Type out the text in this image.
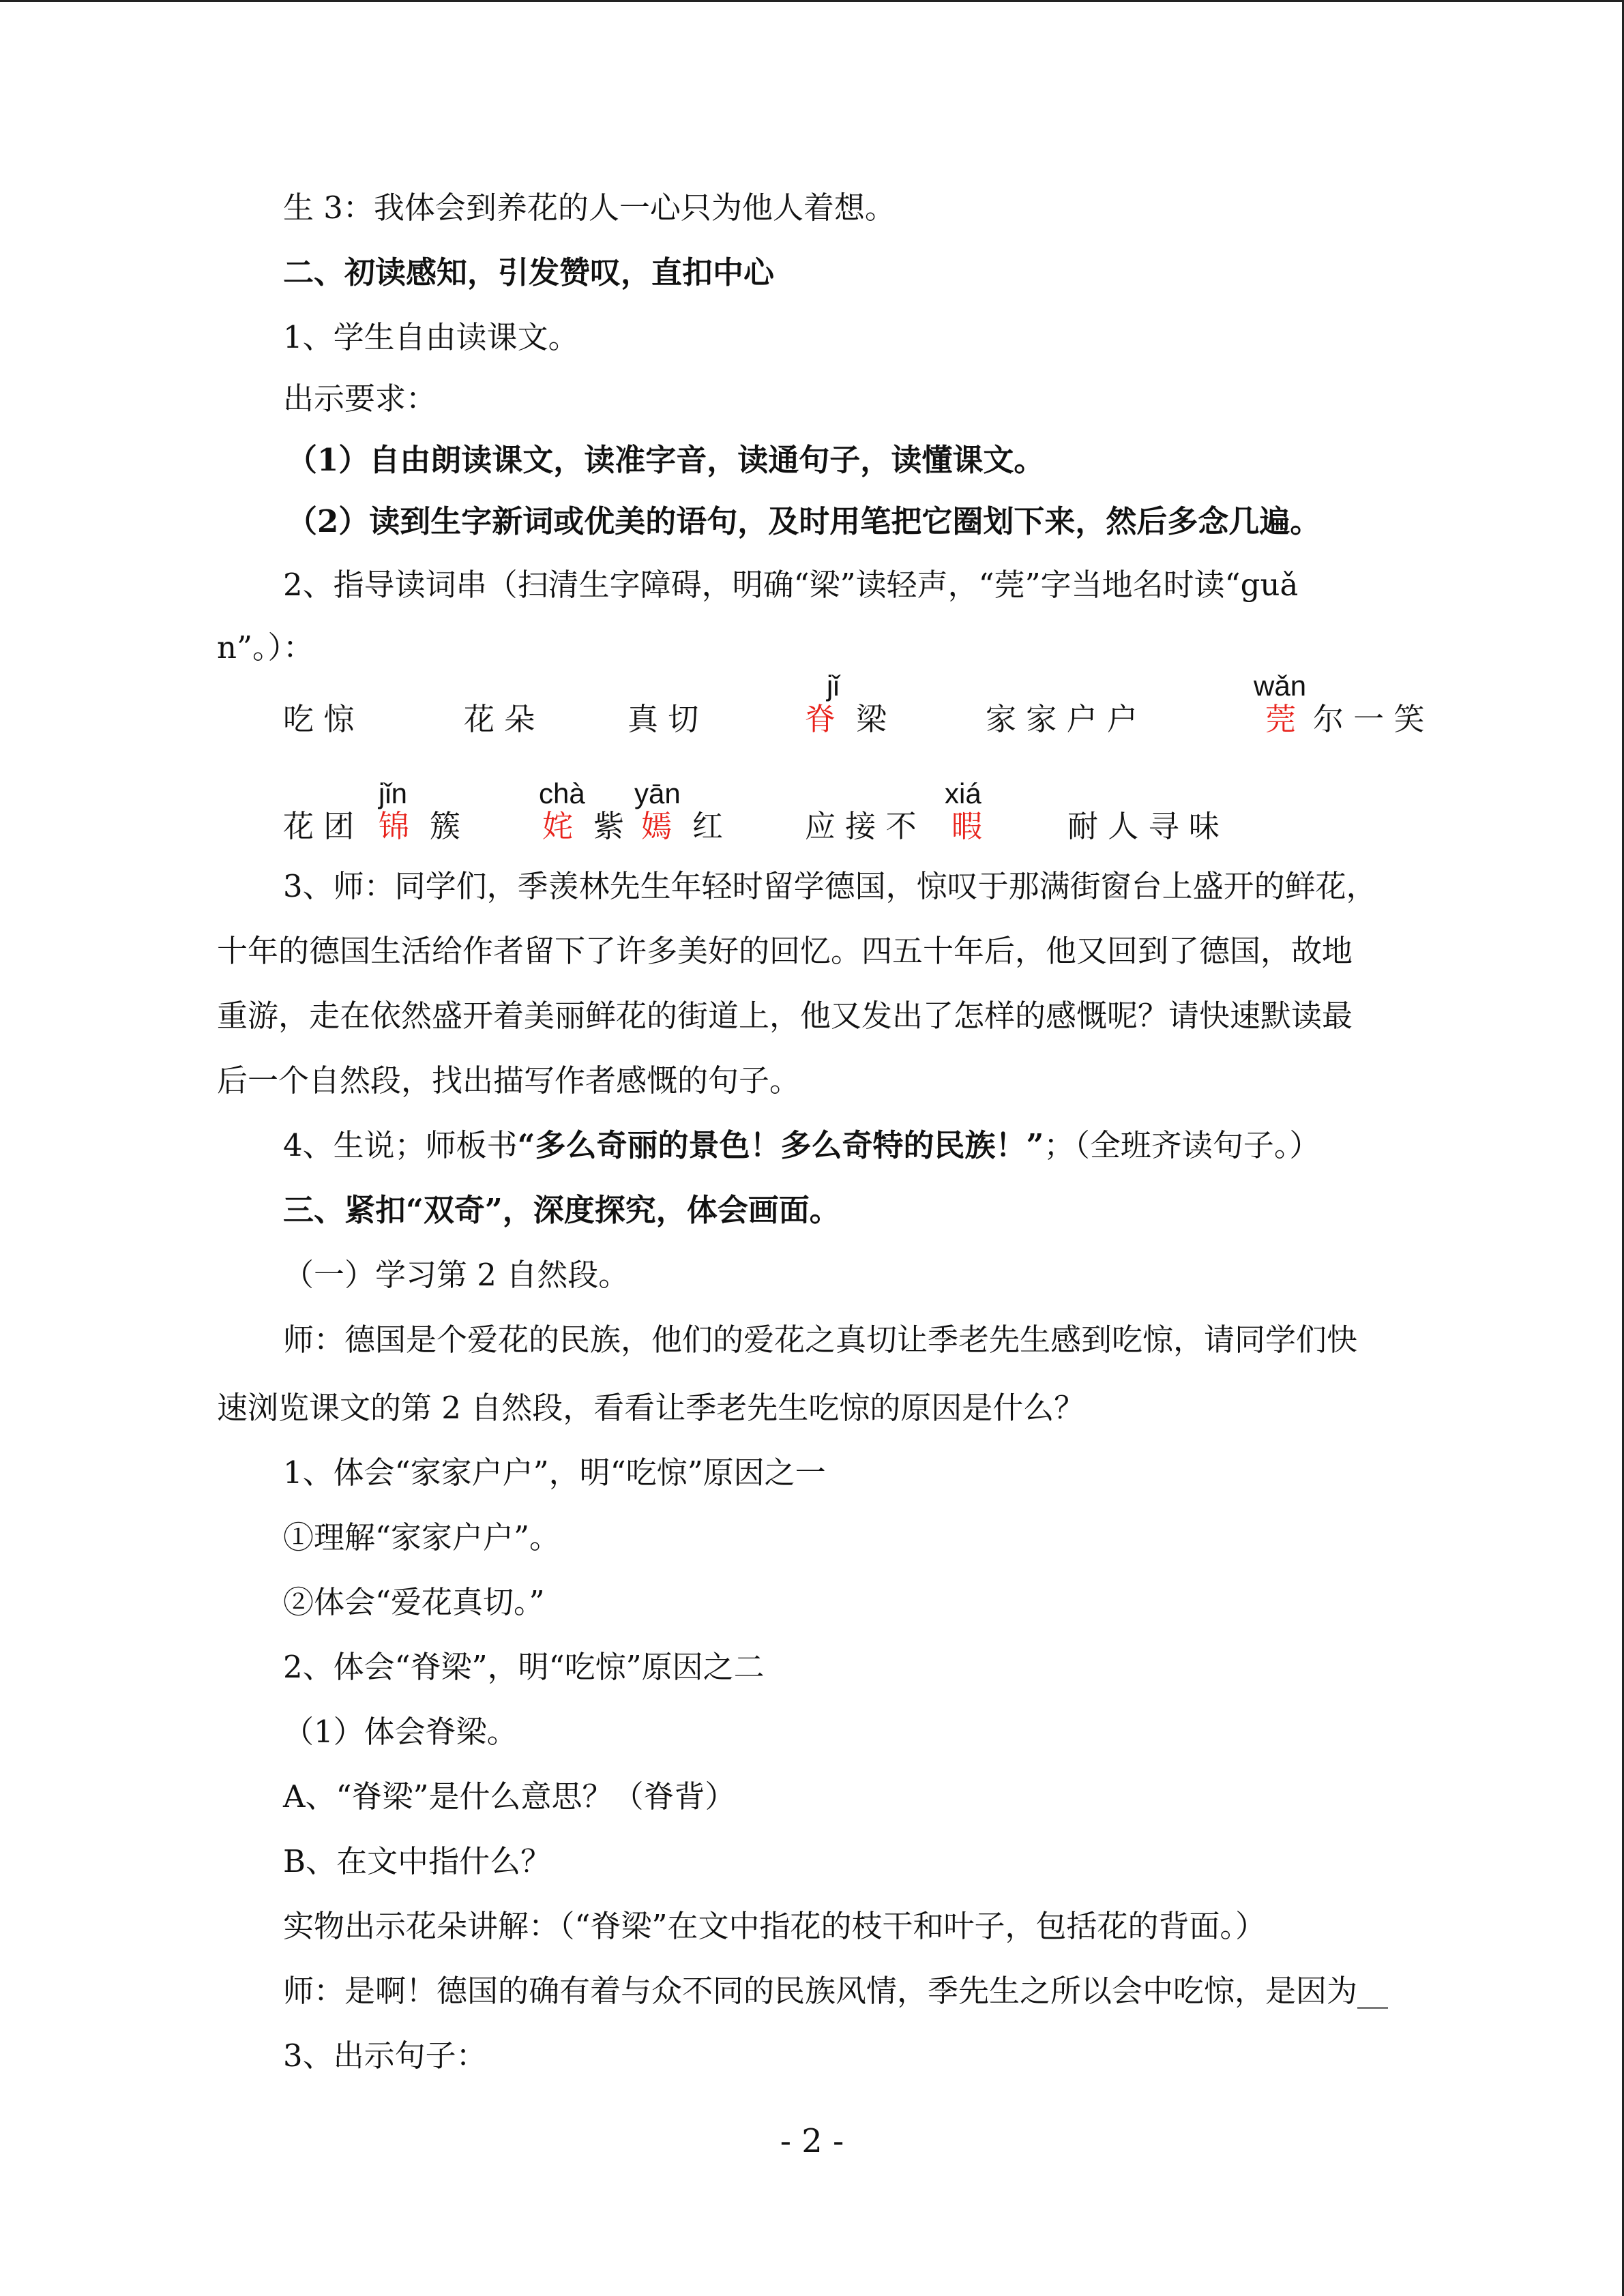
生 3：我体会到养花的人一心只为他人着想。
二、初读感知，引发赞叹，直扣中心
1、学生自由读课文。
出示要求：
（1）自由朗读课文，读准字音，读通句子，读懂课文。
（2）读到生字新词或优美的语句，及时用笔把它圈划下来，然后多念几遍。
2、指导读词串（扫清生字障碍，明确“梁”读轻声，“莞”字当地名时读“guǎ
n”。）：
吃 惊	花 朵	真 切
jǐ
脊 梁	家 家 户 户
wǎn
莞 尔 一 笑
花 团
jǐn
锦 簇
chà
姹 紫
yān
嫣 红	应 接 不
xiá
暇	耐 人 寻 味
3、师：同学们，季羡林先生年轻时留学德国，惊叹于那满街窗台上盛开的鲜花，
十年的德国生活给作者留下了许多美好的回忆。四五十年后，他又回到了德国，故地
重游，走在依然盛开着美丽鲜花的街道上，他又发出了怎样的感慨呢？请快速默读最
后一个自然段，找出描写作者感慨的句子。
4、生说；师板书“多么奇丽的景色！多么奇特的民族！”；（全班齐读句子。）
三、紧扣“双奇”，深度探究，体会画面。
（一）学习第 2 自然段。
师：德国是个爱花的民族，他们的爱花之真切让季老先生感到吃惊，请同学们快
速浏览课文的第 2 自然段，看看让季老先生吃惊的原因是什么？
1、体会“家家户户”，明“吃惊”原因之一
①理解“家家户户”。
②体会“爱花真切。”
2、体会“脊梁”，明“吃惊”原因之二
（1）体会脊梁。
A、“脊梁”是什么意思？（脊背）
B、在文中指什么？
实物出示花朵讲解：（“脊梁”在文中指花的枝干和叶子，包括花的背面。）
师：是啊！德国的确有着与众不同的民族风情，季先生之所以会中吃惊，是因为__
3、出示句子：
- 2 -
